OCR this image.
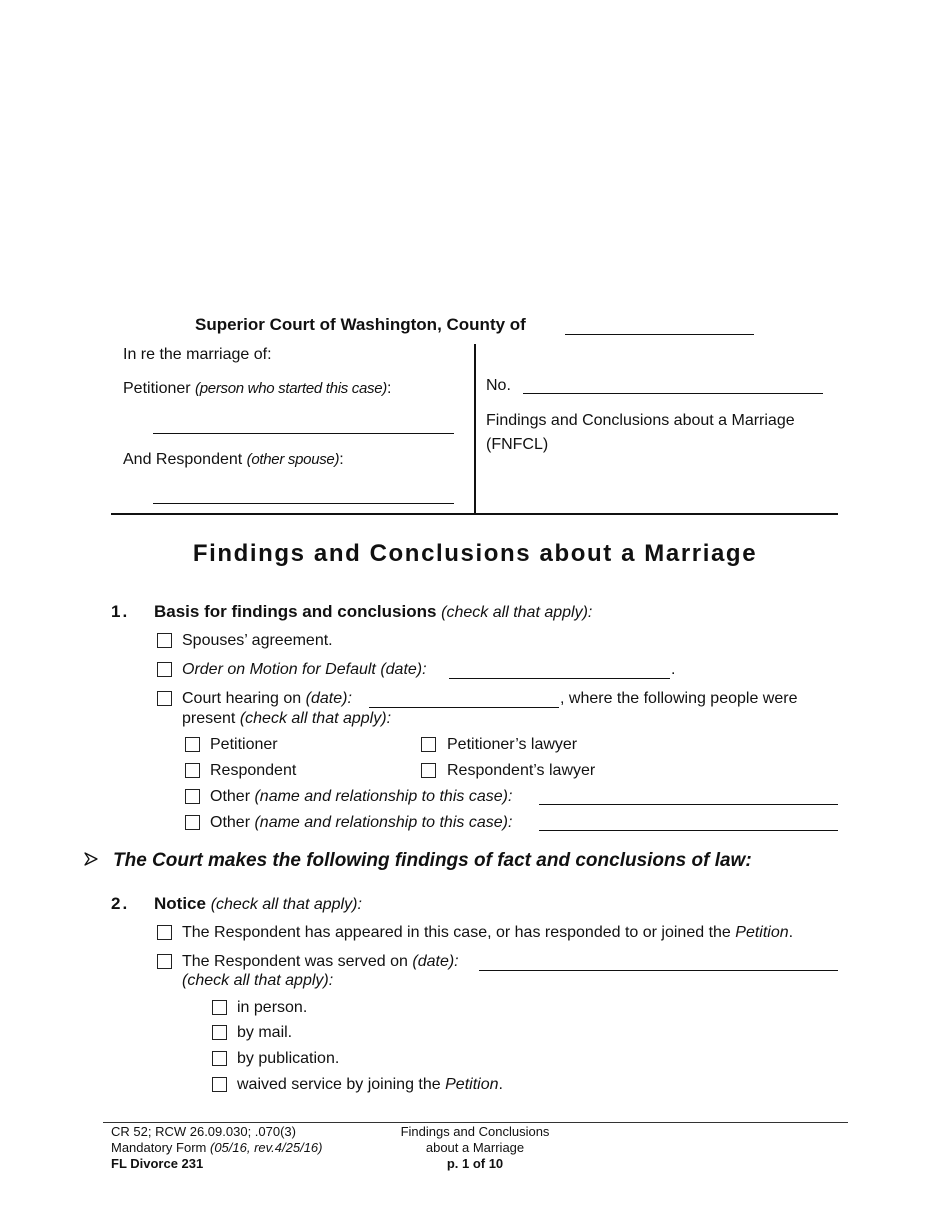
Superior Court of Washington, County of
In re the marriage of:
Petitioner (person who started this case):
And Respondent (other spouse):
No.
Findings and Conclusions about a Marriage
(FNFCL)
Findings and Conclusions about a Marriage
1. Basis for findings and conclusions (check all that apply):
Spouses’ agreement.
Order on Motion for Default (date):	.
Court hearing on (date):	, where the following people were
present (check all that apply):
Petitioner	Petitioner’s lawyer
Respondent	Respondent’s lawyer
Other (name and relationship to this case):
Other (name and relationship to this case):
The Court makes the following findings of fact and conclusions of law:
2. Notice (check all that apply):
The Respondent has appeared in this case, or has responded to or joined the Petition.
The Respondent was served on (date):
(check all that apply):
in person.
by mail.
by publication.
waived service by joining the Petition.
CR 52; RCW 26.09.030; .070(3)
Mandatory Form (05/16, rev.4/25/16)
FL Divorce 231
Findings and Conclusions
about a Marriage
p. 1 of 10
